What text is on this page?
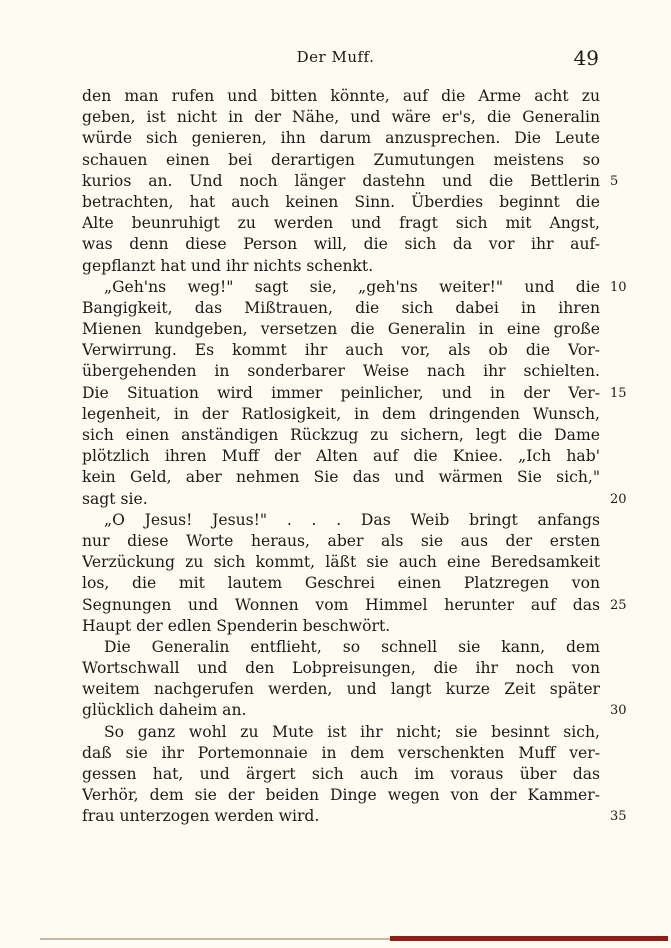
Der Muff.	49
den man rufen und bitten könnte, auf die Arme acht zu
geben, ist nicht in der Nähe, und wäre er's, die Generalin
würde sich genieren, ihn darum anzusprechen. Die Leute
schauen einen bei derartigen Zumutungen meistens so
kurios an. Und noch länger dastehn und die Bettlerin 5
betrachten, hat auch keinen Sinn. Überdies beginnt die
Alte beunruhigt zu werden und fragt sich mit Angst,
was denn diese Person will, die sich da vor ihr auf-
gepflanzt hat und ihr nichts schenkt.
„Geh'ns weg!" sagt sie, „geh'ns weiter!" und die 10
Bangigkeit, das Mißtrauen, die sich dabei in ihren
Mienen kundgeben, versetzen die Generalin in eine große
Verwirrung. Es kommt ihr auch vor, als ob die Vor-
übergehenden in sonderbarer Weise nach ihr schielten.
Die Situation wird immer peinlicher, und in der Ver- 15
legenheit, in der Ratlosigkeit, in dem dringenden Wunsch,
sich einen anständigen Rückzug zu sichern, legt die Dame
plötzlich ihren Muff der Alten auf die Kniee. „Ich hab'
kein Geld, aber nehmen Sie das und wärmen Sie sich,"
sagt sie.	20
„O Jesus! Jesus!" . . . Das Weib bringt anfangs
nur diese Worte heraus, aber als sie aus der ersten
Verzückung zu sich kommt, läßt sie auch eine Beredsamkeit
los, die mit lautem Geschrei einen Platzregen von
Segnungen und Wonnen vom Himmel herunter auf das 25
Haupt der edlen Spenderin beschwört.
Die Generalin entflieht, so schnell sie kann, dem
Wortschwall und den Lobpreisungen, die ihr noch von
weitem nachgerufen werden, und langt kurze Zeit später
glücklich daheim an.	30
So ganz wohl zu Mute ist ihr nicht; sie besinnt sich,
daß sie ihr Portemonnaie in dem verschenkten Muff ver-
gessen hat, und ärgert sich auch im voraus über das
Verhör, dem sie der beiden Dinge wegen von der Kammer-
frau unterzogen werden wird.	35
